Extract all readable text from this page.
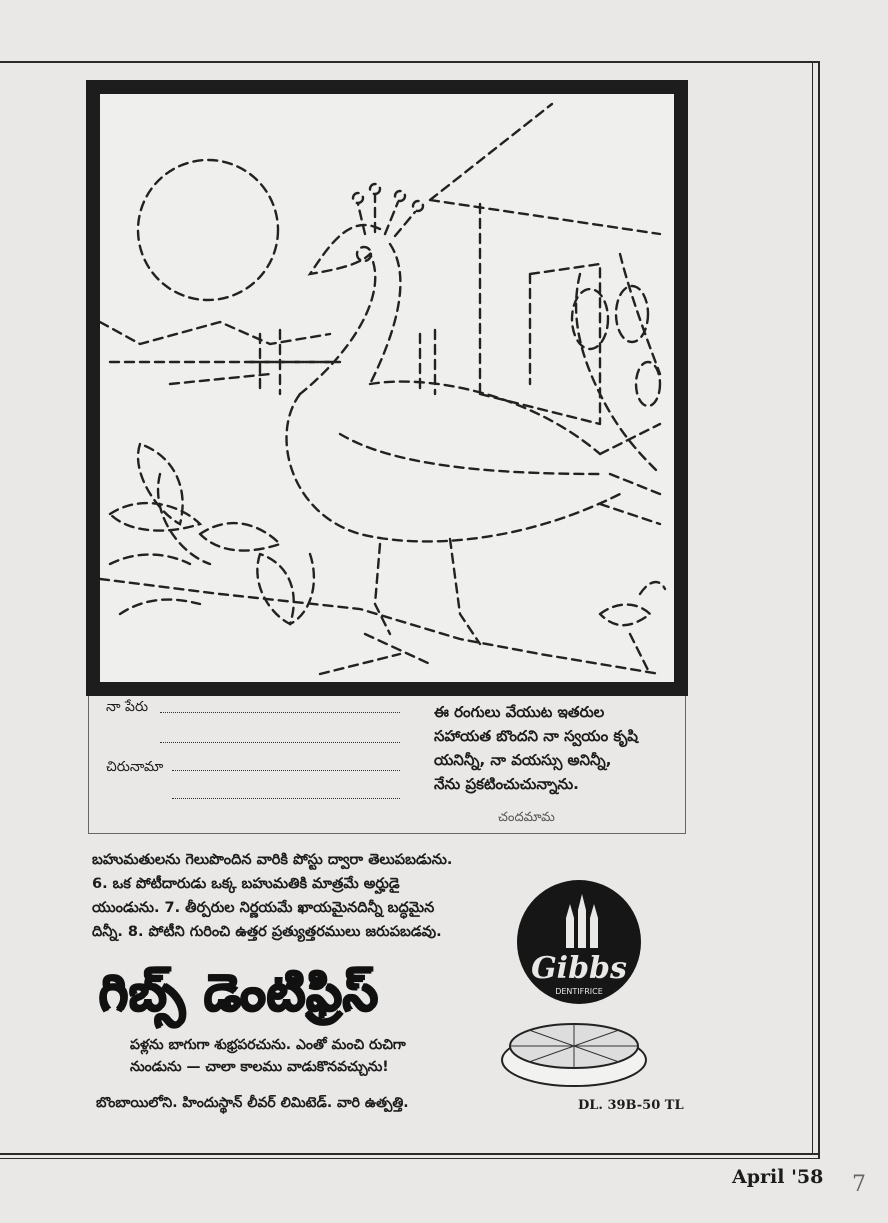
నా పేరు
చిరునామా
ఈ రంగులు వేయుట ఇతరుల
సహాయత బొందని నా స్వయం కృషి
యనిన్నీ, నా వయస్సు అనిన్నీ,
నేను ప్రకటించుచున్నాను.
చందమామ
బహుమతులను గెలుపొందిన వారికి పోస్టు ద్వారా తెలుపబడును.
6. ఒక పోటీదారుడు ఒక్క బహుమతికి మాత్రమే అర్హుడై
యుండును. 7. తీర్పరుల నిర్ణయమే ఖాయమైనదిన్నీ బద్ధమైన
దిన్నీ. 8. పోటీని గురించి ఉత్తర ప్రత్యుత్తరములు జరుపబడవు.
గిబ్స్ డెంటిఫ్రిస్
పళ్లను బాగుగా శుభ్రపరచును. ఎంతో మంచి రుచిగా
నుండును — చాలా కాలము వాడుకొనవచ్చును!
బొంబాయిలోని. హిందుస్థాన్ లీవర్ లిమిటెడ్. వారి ఉత్పత్తి.
Gibbs
DENTIFRICE
DL. 39B-50 TL
April '58 7
